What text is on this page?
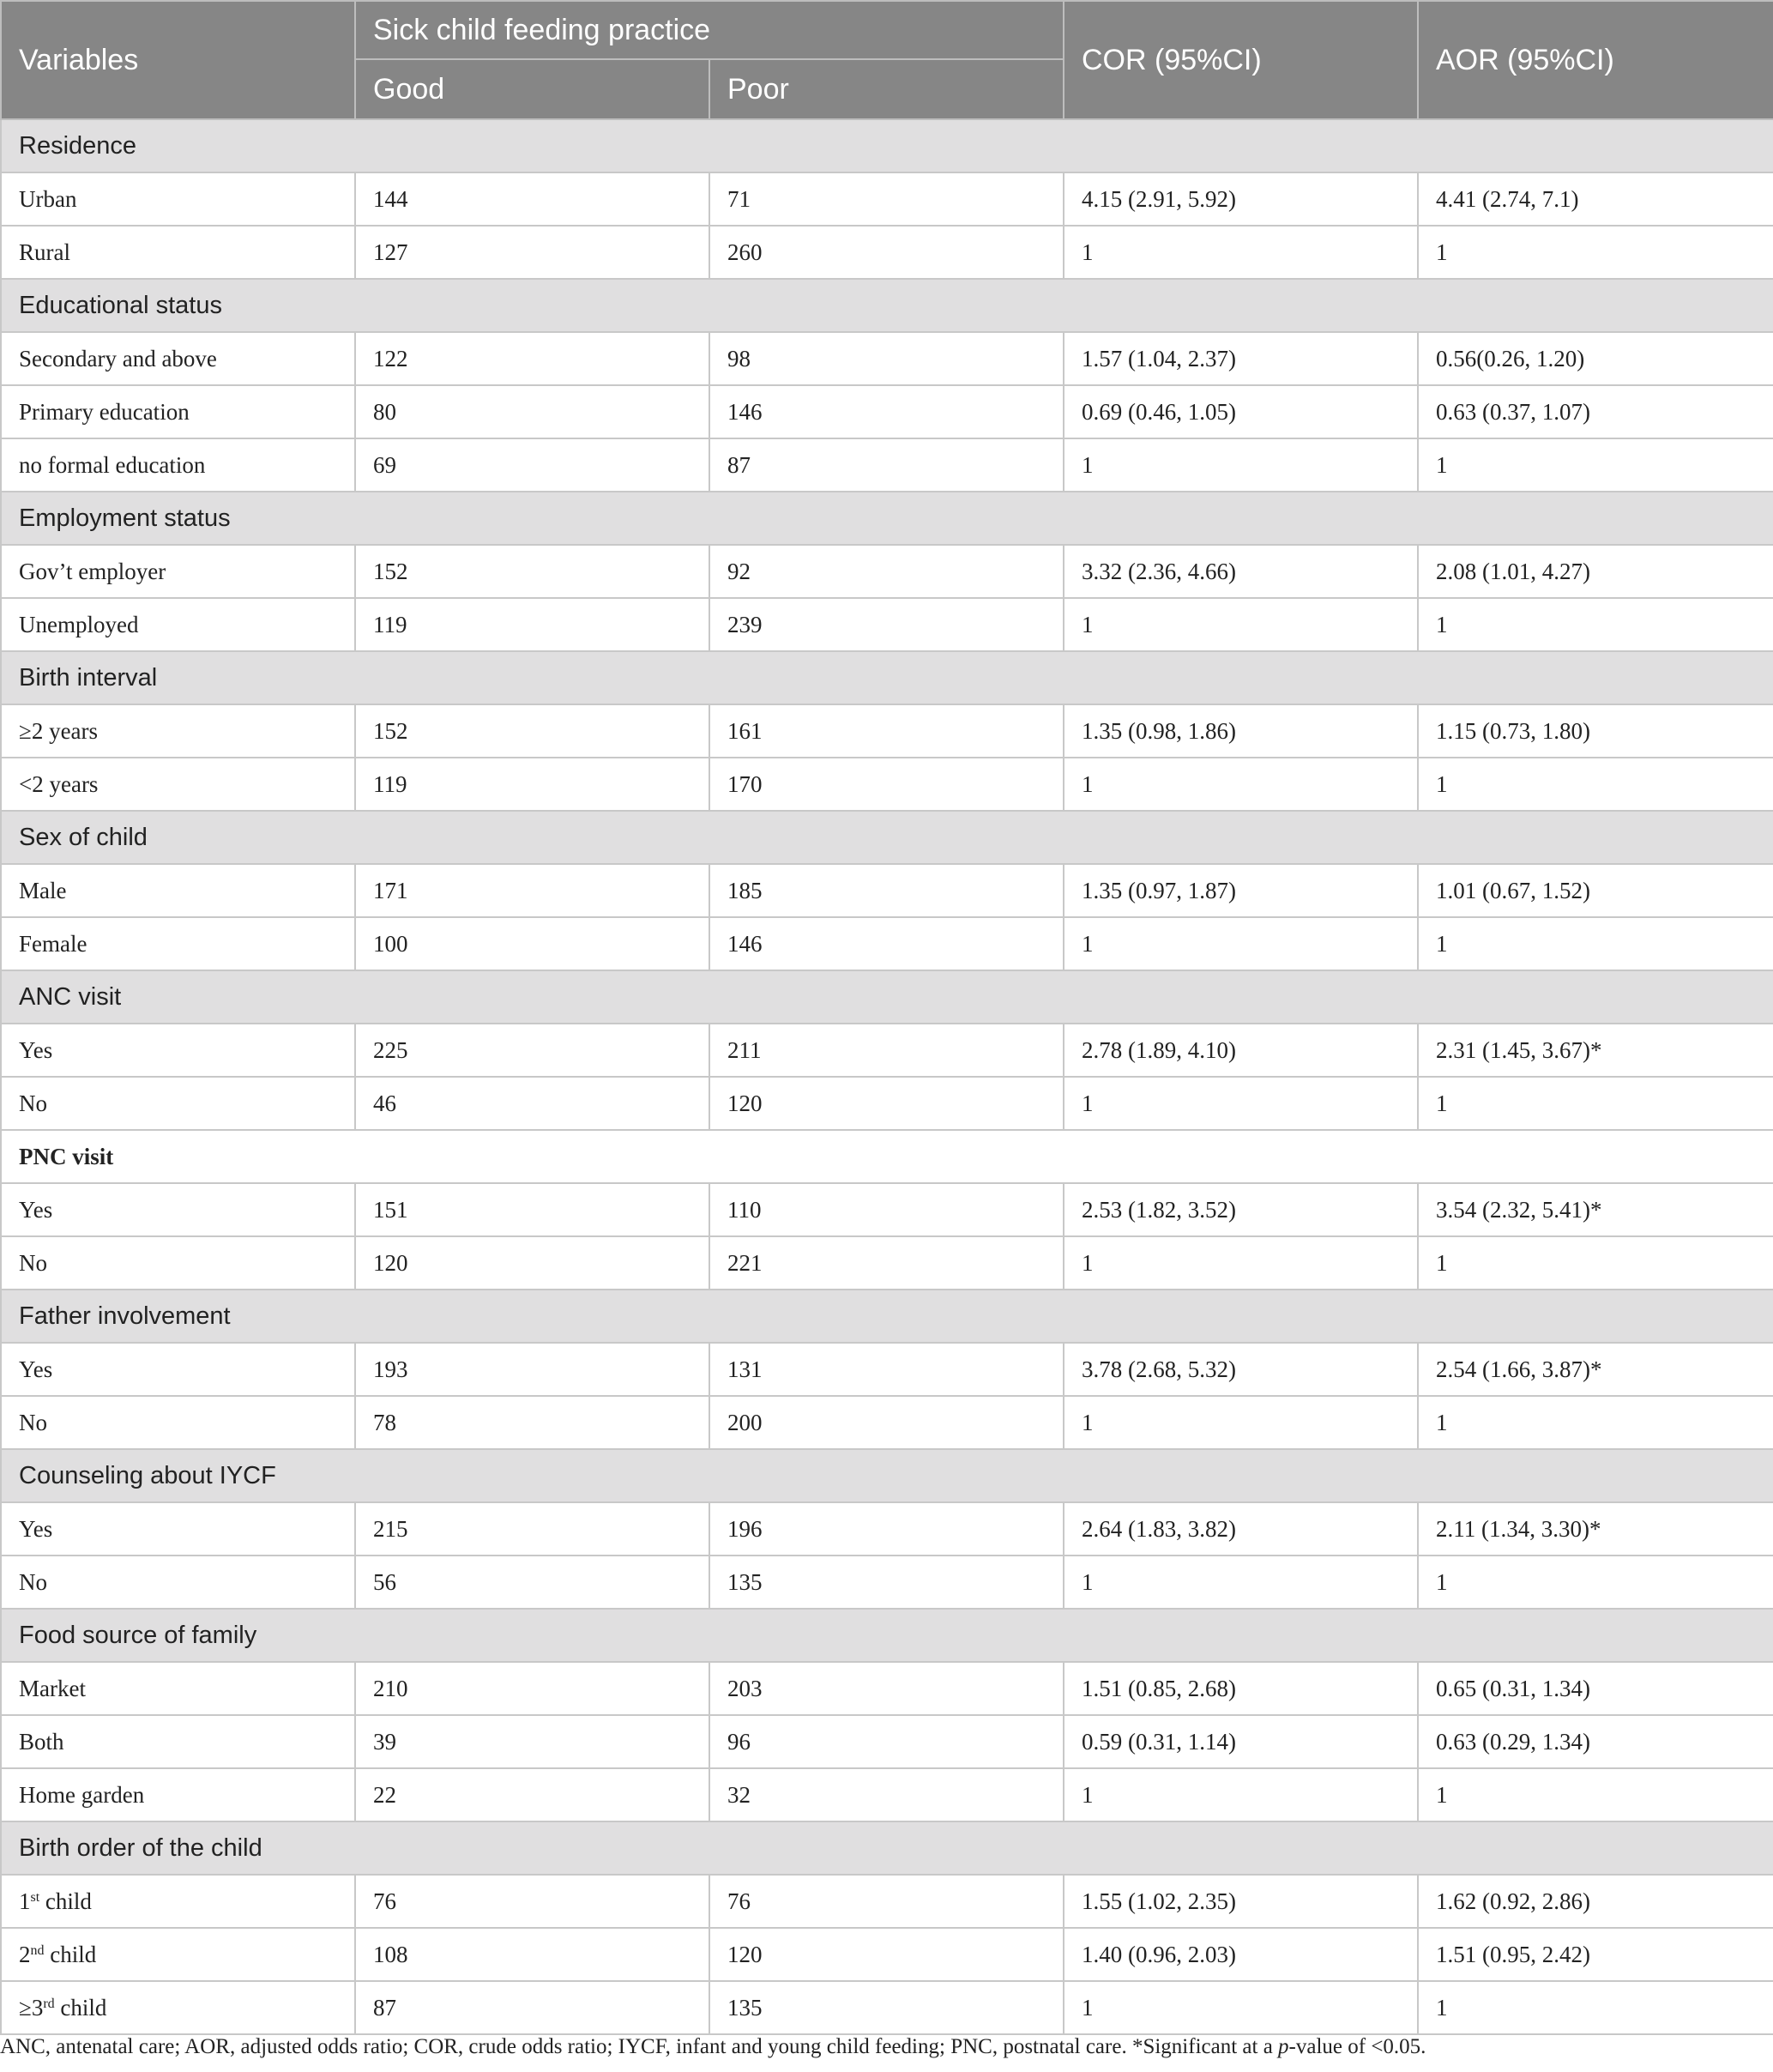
Variables	Sick child feeding practice		COR (95%CI)	AOR (95%CI)
	Good	Poor		
Residence				
Urban	144	71	4.15 (2.91, 5.92)	4.41 (2.74, 7.1)
Rural	127	260	1	1
Educational status				
Secondary and above	122	98	1.57 (1.04, 2.37)	0.56(0.26, 1.20)
Primary education	80	146	0.69 (0.46, 1.05)	0.63 (0.37, 1.07)
no formal education	69	87	1	1
Employment status				
Gov’t employer	152	92	3.32 (2.36, 4.66)	2.08 (1.01, 4.27)
Unemployed	119	239	1	1
Birth interval				
≥2 years	152	161	1.35 (0.98, 1.86)	1.15 (0.73, 1.80)
<2 years	119	170	1	1
Sex of child				
Male	171	185	1.35 (0.97, 1.87)	1.01 (0.67, 1.52)
Female	100	146	1	1
ANC visit				
Yes	225	211	2.78 (1.89, 4.10)	2.31 (1.45, 3.67)*
No	46	120	1	1
PNC visit				
Yes	151	110	2.53 (1.82, 3.52)	3.54 (2.32, 5.41)*
No	120	221	1	1
Father involvement				
Yes	193	131	3.78 (2.68, 5.32)	2.54 (1.66, 3.87)*
No	78	200	1	1
Counseling about IYCF				
Yes	215	196	2.64 (1.83, 3.82)	2.11 (1.34, 3.30)*
No	56	135	1	1
Food source of family				
Market	210	203	1.51 (0.85, 2.68)	0.65 (0.31, 1.34)
Both	39	96	0.59 (0.31, 1.14)	0.63 (0.29, 1.34)
Home garden	22	32	1	1
Birth order of the child				
1st child	76	76	1.55 (1.02, 2.35)	1.62 (0.92, 2.86)
2nd child	108	120	1.40 (0.96, 2.03)	1.51 (0.95, 2.42)
≥3rd child	87	135	1	1
ANC, antenatal care; AOR, adjusted odds ratio; COR, crude odds ratio; IYCF, infant and young child feeding; PNC, postnatal care. *Significant at a p-value of <0.05.
